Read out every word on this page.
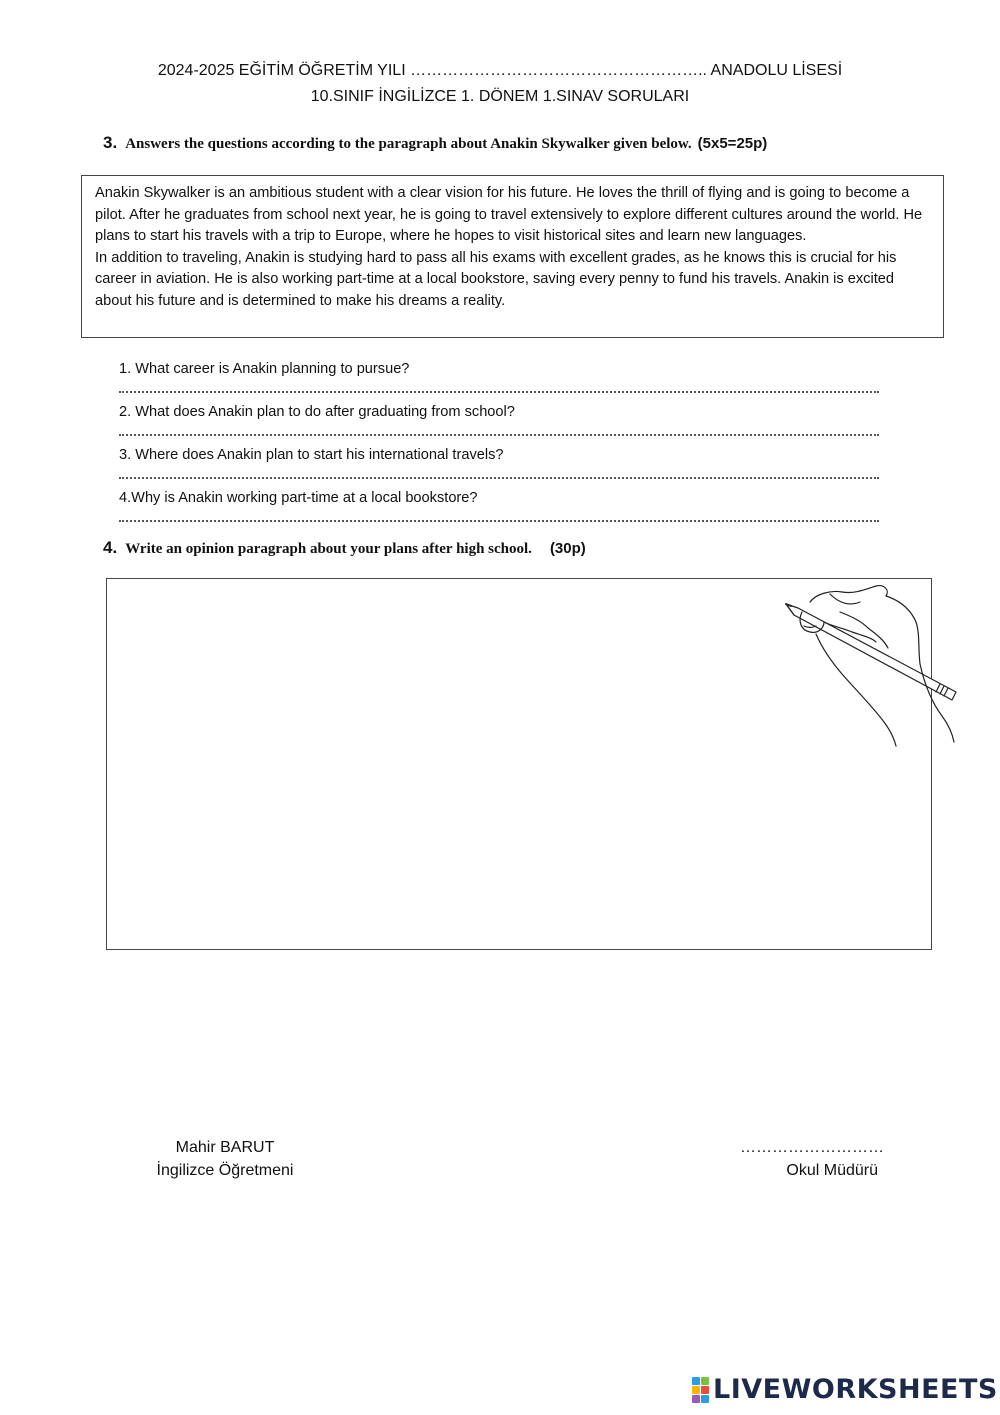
2024-2025 EĞİTİM ÖĞRETİM YILI ……………………………………………….. ANADOLU LİSESİ
10.SINIF İNGİLİZCE 1. DÖNEM 1.SINAV SORULARI
3. Answers the questions according to the paragraph about Anakin Skywalker given below. (5x5=25p)

Anakin Skywalker is an ambitious student with a clear vision for his future. He loves the thrill of flying and is going to become a pilot. After he graduates from school next year, he is going to travel extensively to explore different cultures around the world. He plans to start his travels with a trip to Europe, where he hopes to visit historical sites and learn new languages.

In addition to traveling, Anakin is studying hard to pass all his exams with excellent grades, as he knows this is crucial for his career in aviation. He is also working part-time at a local bookstore, saving every penny to fund his travels. Anakin is excited about his future and is determined to make his dreams a reality.

1. What career is Anakin planning to pursue?
2. What does Anakin plan to do after graduating from school?
3. Where does Anakin plan to start his international travels?
4.Why is Anakin working part-time at a local bookstore?
4. Write an opinion paragraph about your plans after high school. (30p)
Mahir BARUT
İngilizce Öğretmeni
………………………
Okul Müdürü
LIVEWORKSHEETS
